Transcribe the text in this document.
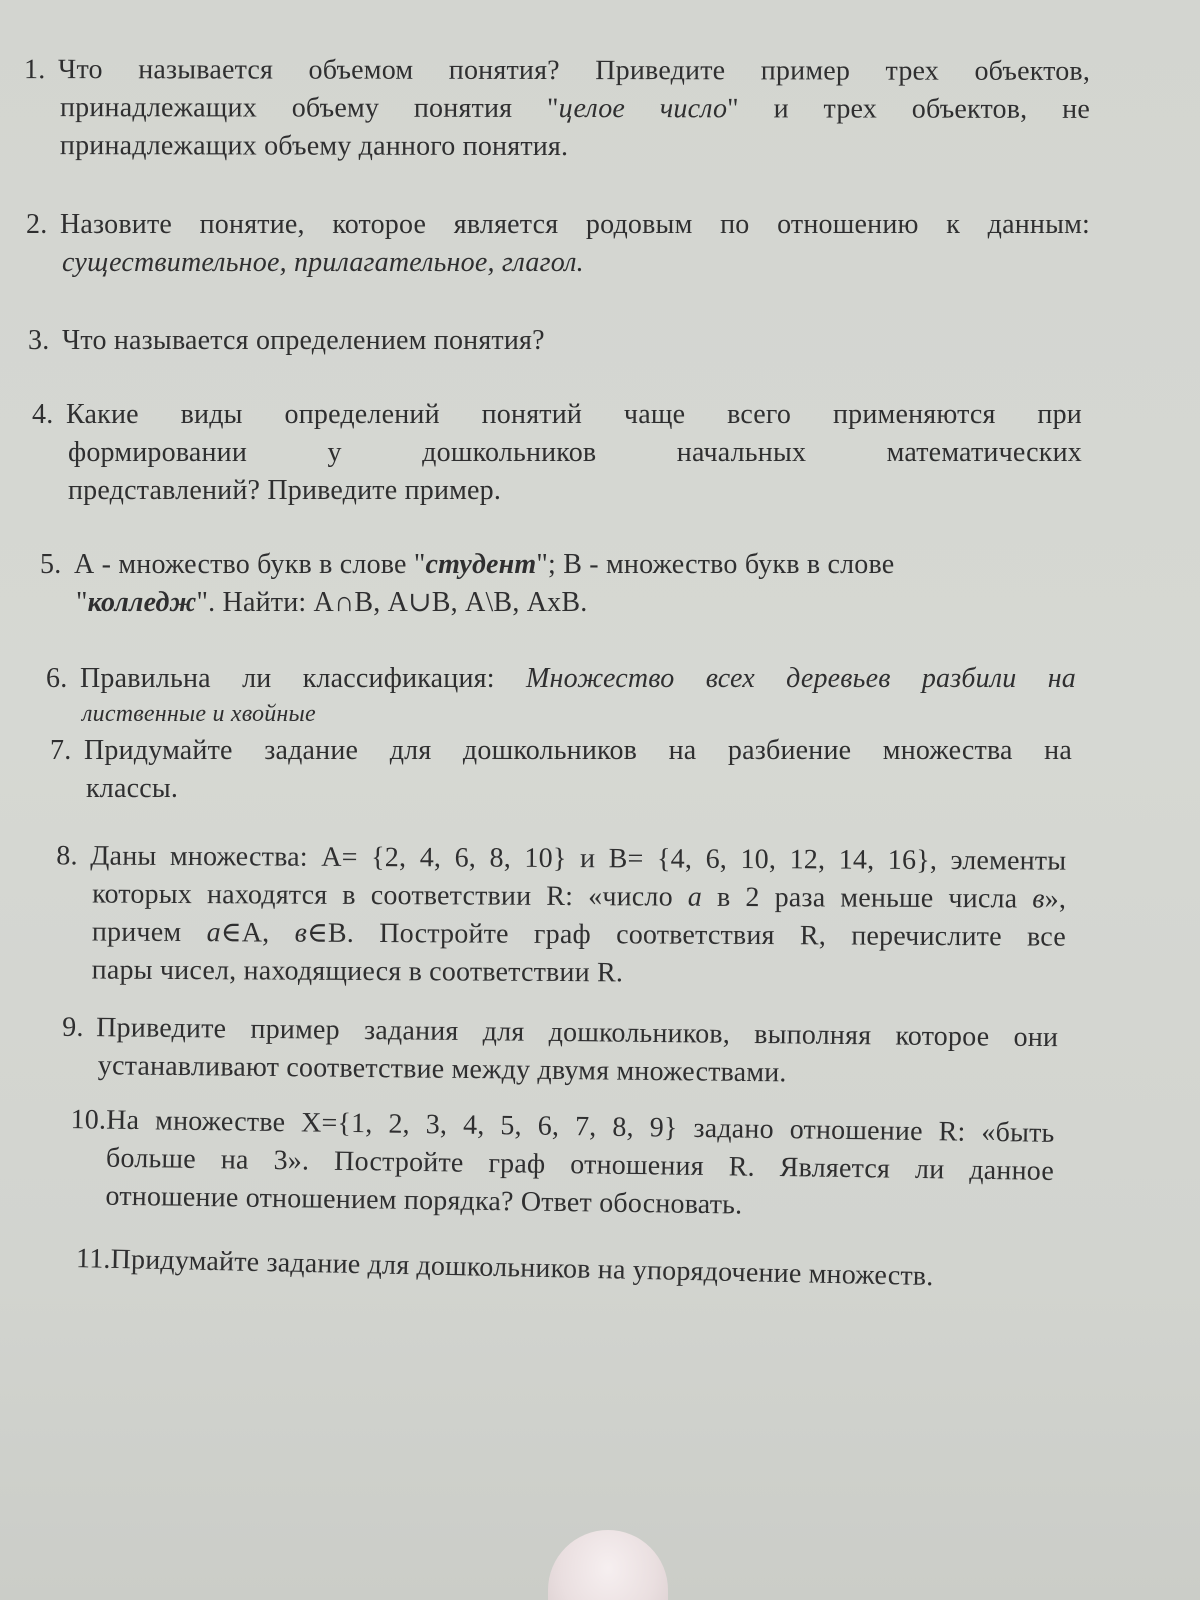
1. Что называется объемом понятия? Приведите пример трех объектов,
принадлежащих объему понятия "целое число" и трех объектов, не
принадлежащих объему данного понятия.
2. Назовите понятие, которое является родовым по отношению к данным:
существительное, прилагательное, глагол.
3. Что называется определением понятия?
4. Какие виды определений понятий чаще всего применяются при
формировании у дошкольников начальных математических
представлений? Приведите пример.
5. А - множество букв в слове "студент"; В - множество букв в слове
"колледж". Найти: А∩В, А∪В, А\В, АхВ.
6. Правильна ли классификация: Множество всех деревьев разбили на
лиственные и хвойные
7. Придумайте задание для дошкольников на разбиение множества на
классы.
8. Даны множества: А= {2, 4, 6, 8, 10} и В= {4, 6, 10, 12, 14, 16}, элементы
которых находятся в соответствии R: «число а в 2 раза меньше числа в»,
причем а∈А, в∈В. Постройте граф соответствия R, перечислите все
пары чисел, находящиеся в соответствии R.
9. Приведите пример задания для дошкольников, выполняя которое они
устанавливают соответствие между двумя множествами.
10.На множестве X={1, 2, 3, 4, 5, 6, 7, 8, 9} задано отношение R: «быть
больше на 3». Постройте граф отношения R. Является ли данное
отношение отношением порядка? Ответ обосновать.
11.Придумайте задание для дошкольников на упорядочение множеств.
